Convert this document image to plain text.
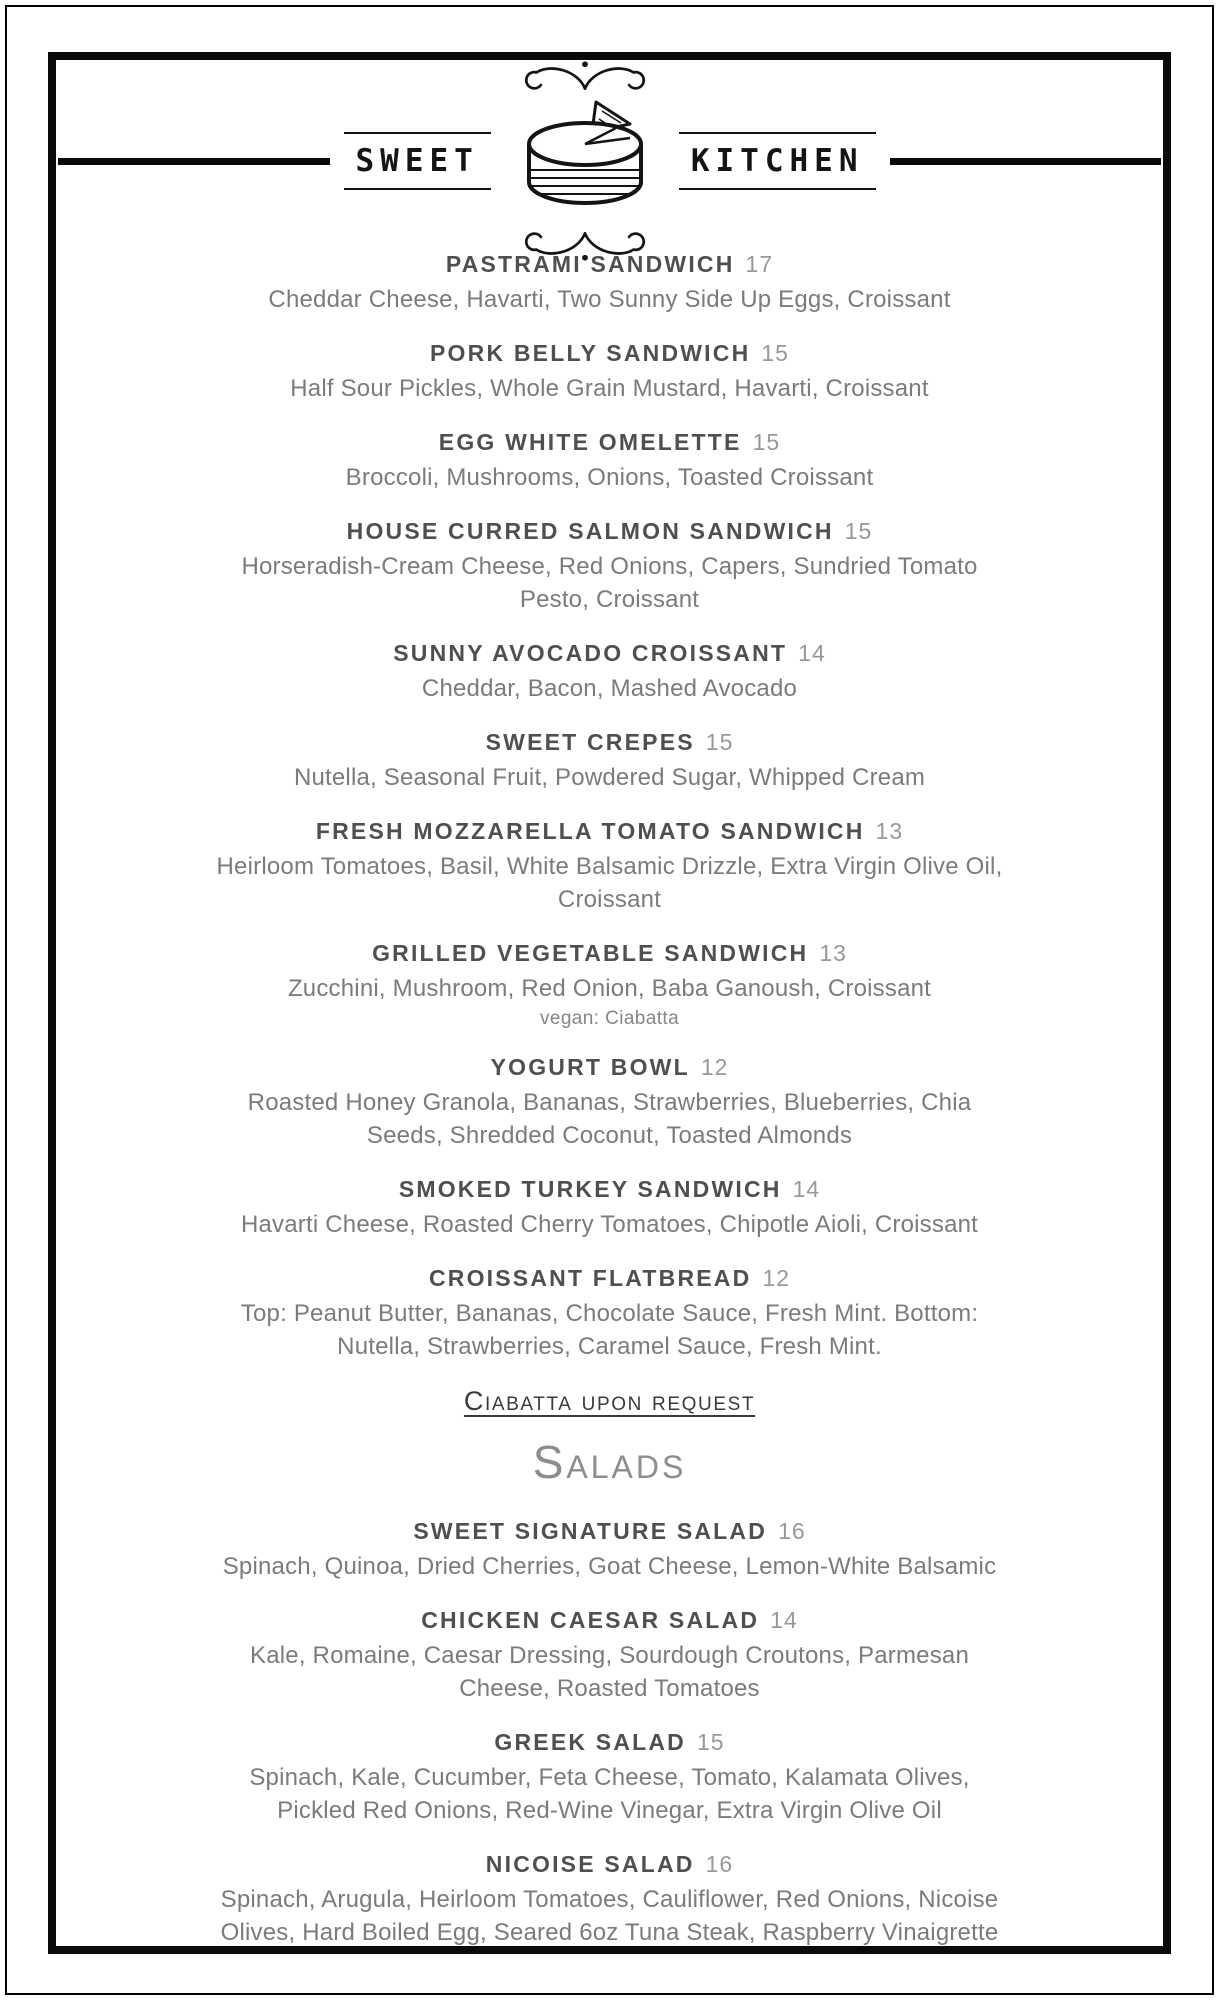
SWEET	KITCHEN
PASTRAMI SANDWICH 17
Cheddar Cheese, Havarti, Two Sunny Side Up Eggs, Croissant
PORK BELLY SANDWICH 15
Half Sour Pickles, Whole Grain Mustard, Havarti, Croissant
EGG WHITE OMELETTE 15
Broccoli, Mushrooms, Onions, Toasted Croissant
HOUSE CURRED SALMON SANDWICH 15
Horseradish-Cream Cheese, Red Onions, Capers, Sundried Tomato Pesto, Croissant
SUNNY AVOCADO CROISSANT 14
Cheddar, Bacon, Mashed Avocado
SWEET CREPES 15
Nutella, Seasonal Fruit, Powdered Sugar, Whipped Cream
FRESH MOZZARELLA TOMATO SANDWICH 13
Heirloom Tomatoes, Basil, White Balsamic Drizzle, Extra Virgin Olive Oil, Croissant
GRILLED VEGETABLE SANDWICH 13
Zucchini, Mushroom, Red Onion, Baba Ganoush, Croissant
vegan: Ciabatta
YOGURT BOWL 12
Roasted Honey Granola, Bananas, Strawberries, Blueberries, Chia Seeds, Shredded Coconut, Toasted Almonds
SMOKED TURKEY SANDWICH 14
Havarti Cheese, Roasted Cherry Tomatoes, Chipotle Aioli, Croissant
CROISSANT FLATBREAD 12
Top: Peanut Butter, Bananas, Chocolate Sauce, Fresh Mint. Bottom: Nutella, Strawberries, Caramel Sauce, Fresh Mint.
Ciabatta upon request
Salads
SWEET SIGNATURE SALAD 16
Spinach, Quinoa, Dried Cherries, Goat Cheese, Lemon-White Balsamic
CHICKEN CAESAR SALAD 14
Kale, Romaine, Caesar Dressing, Sourdough Croutons, Parmesan Cheese, Roasted Tomatoes
GREEK SALAD 15
Spinach, Kale, Cucumber, Feta Cheese, Tomato, Kalamata Olives, Pickled Red Onions, Red-Wine Vinegar, Extra Virgin Olive Oil
NICOISE SALAD 16
Spinach, Arugula, Heirloom Tomatoes, Cauliflower, Red Onions, Nicoise Olives, Hard Boiled Egg, Seared 6oz Tuna Steak, Raspberry Vinaigrette
